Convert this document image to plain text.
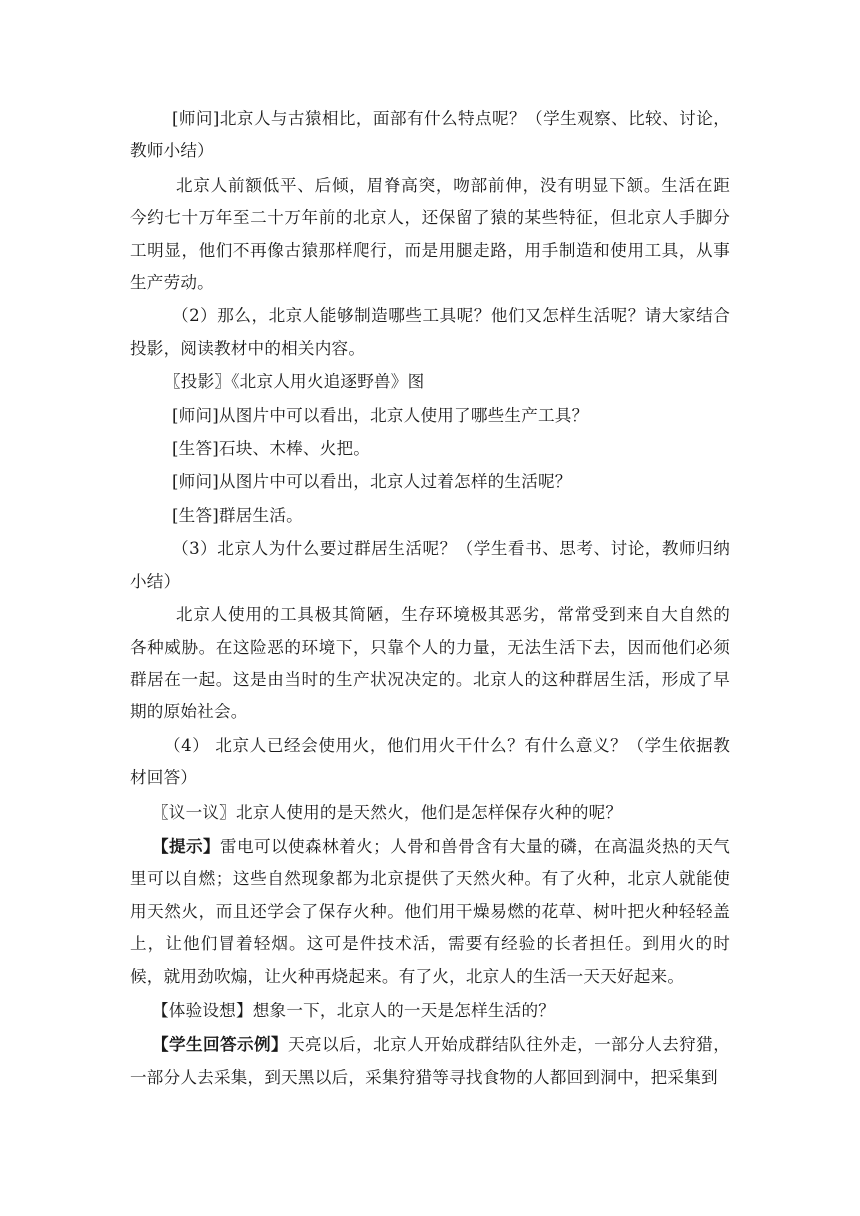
[师问]北京人与古猿相比，面部有什么特点呢？（学生观察、比较、讨论，教师小结）

北京人前额低平、后倾，眉脊高突，吻部前伸，没有明显下颔。生活在距今约七十万年至二十万年前的北京人，还保留了猿的某些特征，但北京人手脚分工明显，他们不再像古猿那样爬行，而是用腿走路，用手制造和使用工具，从事生产劳动。

（2）那么，北京人能够制造哪些工具呢？他们又怎样生活呢？请大家结合投影，阅读教材中的相关内容。

〖投影〗《北京人用火追逐野兽》图

[师问]从图片中可以看出，北京人使用了哪些生产工具？

[生答]石块、木棒、火把。

[师问]从图片中可以看出，北京人过着怎样的生活呢？

[生答]群居生活。

（3）北京人为什么要过群居生活呢？（学生看书、思考、讨论，教师归纳小结）

北京人使用的工具极其简陋，生存环境极其恶劣，常常受到来自大自然的各种威胁。在这险恶的环境下，只靠个人的力量，无法生活下去，因而他们必须群居在一起。这是由当时的生产状况决定的。北京人的这种群居生活，形成了早期的原始社会。

（4） 北京人已经会使用火，他们用火干什么？有什么意义？（学生依据教材回答）

〖议一议〗北京人使用的是天然火，他们是怎样保存火种的呢？

【提示】雷电可以使森林着火；人骨和兽骨含有大量的磷，在高温炎热的天气里可以自燃；这些自然现象都为北京提供了天然火种。有了火种，北京人就能使用天然火，而且还学会了保存火种。他们用干燥易燃的花草、树叶把火种轻轻盖上，让他们冒着轻烟。这可是件技术活，需要有经验的长者担任。到用火的时候，就用劲吹煽，让火种再烧起来。有了火，北京人的生活一天天好起来。

【体验设想】想象一下，北京人的一天是怎样生活的？

【学生回答示例】天亮以后，北京人开始成群结队往外走，一部分人去狩猎，一部分人去采集，到天黑以后，采集狩猎等寻找食物的人都回到洞中，把采集到
